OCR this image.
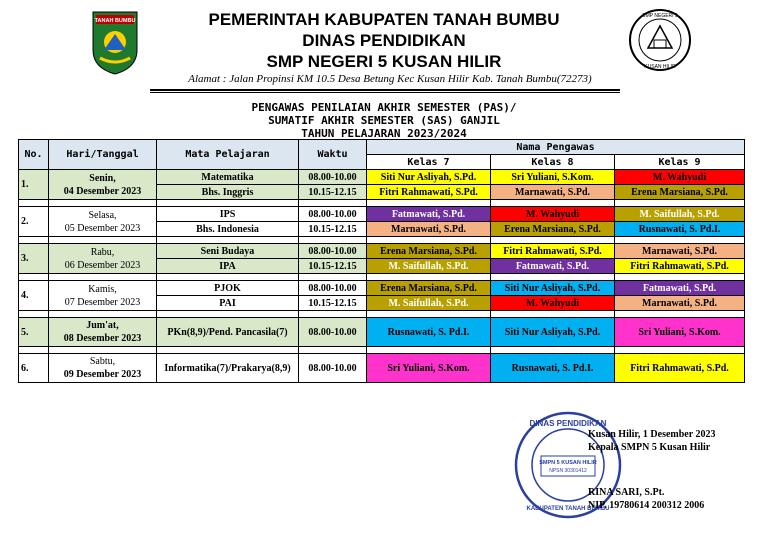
TANAH BUMBU
SMP NEGERI 5
KUSAN HILIR
PEMERINTAH KABUPATEN TANAH BUMBU
DINAS PENDIDIKAN
SMP NEGERI 5 KUSAN HILIR
Alamat : Jalan Propinsi KM 10.5 Desa Betung Kec Kusan Hilir Kab. Tanah Bumbu(72273)
PENGAWAS PENILAIAN AKHIR SEMESTER (PAS)/
SUMATIF AKHIR SEMESTER (SAS) GANJIL
TAHUN PELAJARAN 2023/2024
No.	Hari/Tanggal	Mata Pelajaran	Waktu	Nama Pengawas		
				Kelas 7	Kelas 8	Kelas 9
1.	Senin,
04 Desember 2023	Matematika	08.00-10.00	Siti Nur Asliyah, S.Pd.	Sri Yuliani, S.Kom.	M. Wahyudi
		Bhs. Inggris	10.15-12.15	Fitri Rahmawati, S.Pd.	Marnawati, S.Pd.	Erena Marsiana, S.Pd.

2.	Selasa,
05 Desember 2023	IPS	08.00-10.00	Fatmawati, S.Pd.	M. Wahyudi	M. Saifullah, S.Pd.
		Bhs. Indonesia	10.15-12.15	Marnawati, S.Pd.	Erena Marsiana, S.Pd.	Rusnawati, S. Pd.I.

3.	Rabu,
06 Desember 2023	Seni Budaya	08.00-10.00	Erena Marsiana, S.Pd.	Fitri Rahmawati, S.Pd.	Marnawati, S.Pd.
		IPA	10.15-12.15	M. Saifullah, S.Pd.	Fatmawati, S.Pd.	Fitri Rahmawati, S.Pd.

4.	Kamis,
07 Desember 2023	PJOK	08.00-10.00	Erena Marsiana, S.Pd.	Siti Nur Asliyah, S.Pd.	Fatmawati, S.Pd.
		PAI	10.15-12.15	M. Saifullah, S.Pd.	M. Wahyudi	Marnawati, S.Pd.

5.	Jum'at,
08 Desember 2023	PKn(8,9)/Pend. Pancasila(7)	08.00-10.00	Rusnawati, S. Pd.I.	Siti Nur Asliyah, S.Pd.	Sri Yuliani, S.Kom.

6.	Sabtu,
09 Desember 2023	Informatika(7)/Prakarya(8,9)	08.00-10.00	Sri Yuliani, S.Kom.	Rusnawati, S. Pd.I.	Fitri Rahmawati, S.Pd.
SMPN 5 KUSAN HILIR
NPSN 30301412
DINAS PENDIDIKAN
KABUPATEN TANAH BUMBU
Kusan Hilir, 1 Desember 2023
Kepala SMPN 5 Kusan Hilir
RINA SARI, S.Pt.
NIP. 19780614 200312 2006
